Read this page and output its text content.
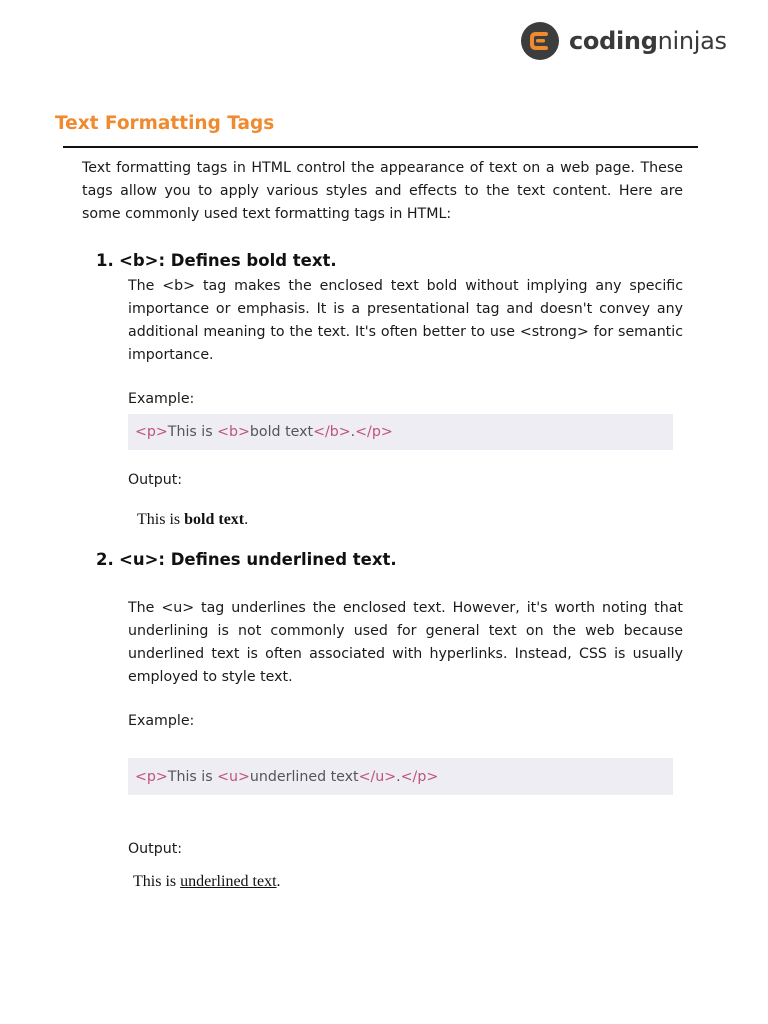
codingninjas
Text Formatting Tags

Text formatting tags in HTML control the appearance of text on a web page. These tags allow you to apply various styles and effects to the text content. Here are some commonly used text formatting tags in HTML:

1. <b>: Defines bold text.

The <b> tag makes the enclosed text bold without implying any specific importance or emphasis. It is a presentational tag and doesn't convey any additional meaning to the text. It's often better to use <strong> for semantic importance.

Example:

<p> This is <b> bold text </b> . </p>

Output:

This is bold text.
2. <u>: Defines underlined text.

The <u> tag underlines the enclosed text. However, it's worth noting that underlining is not commonly used for general text on the web because underlined text is often associated with hyperlinks. Instead, CSS is usually employed to style text.

Example:

<p> This is <u> underlined text </u> . </p>

Output:

This is underlined text.
